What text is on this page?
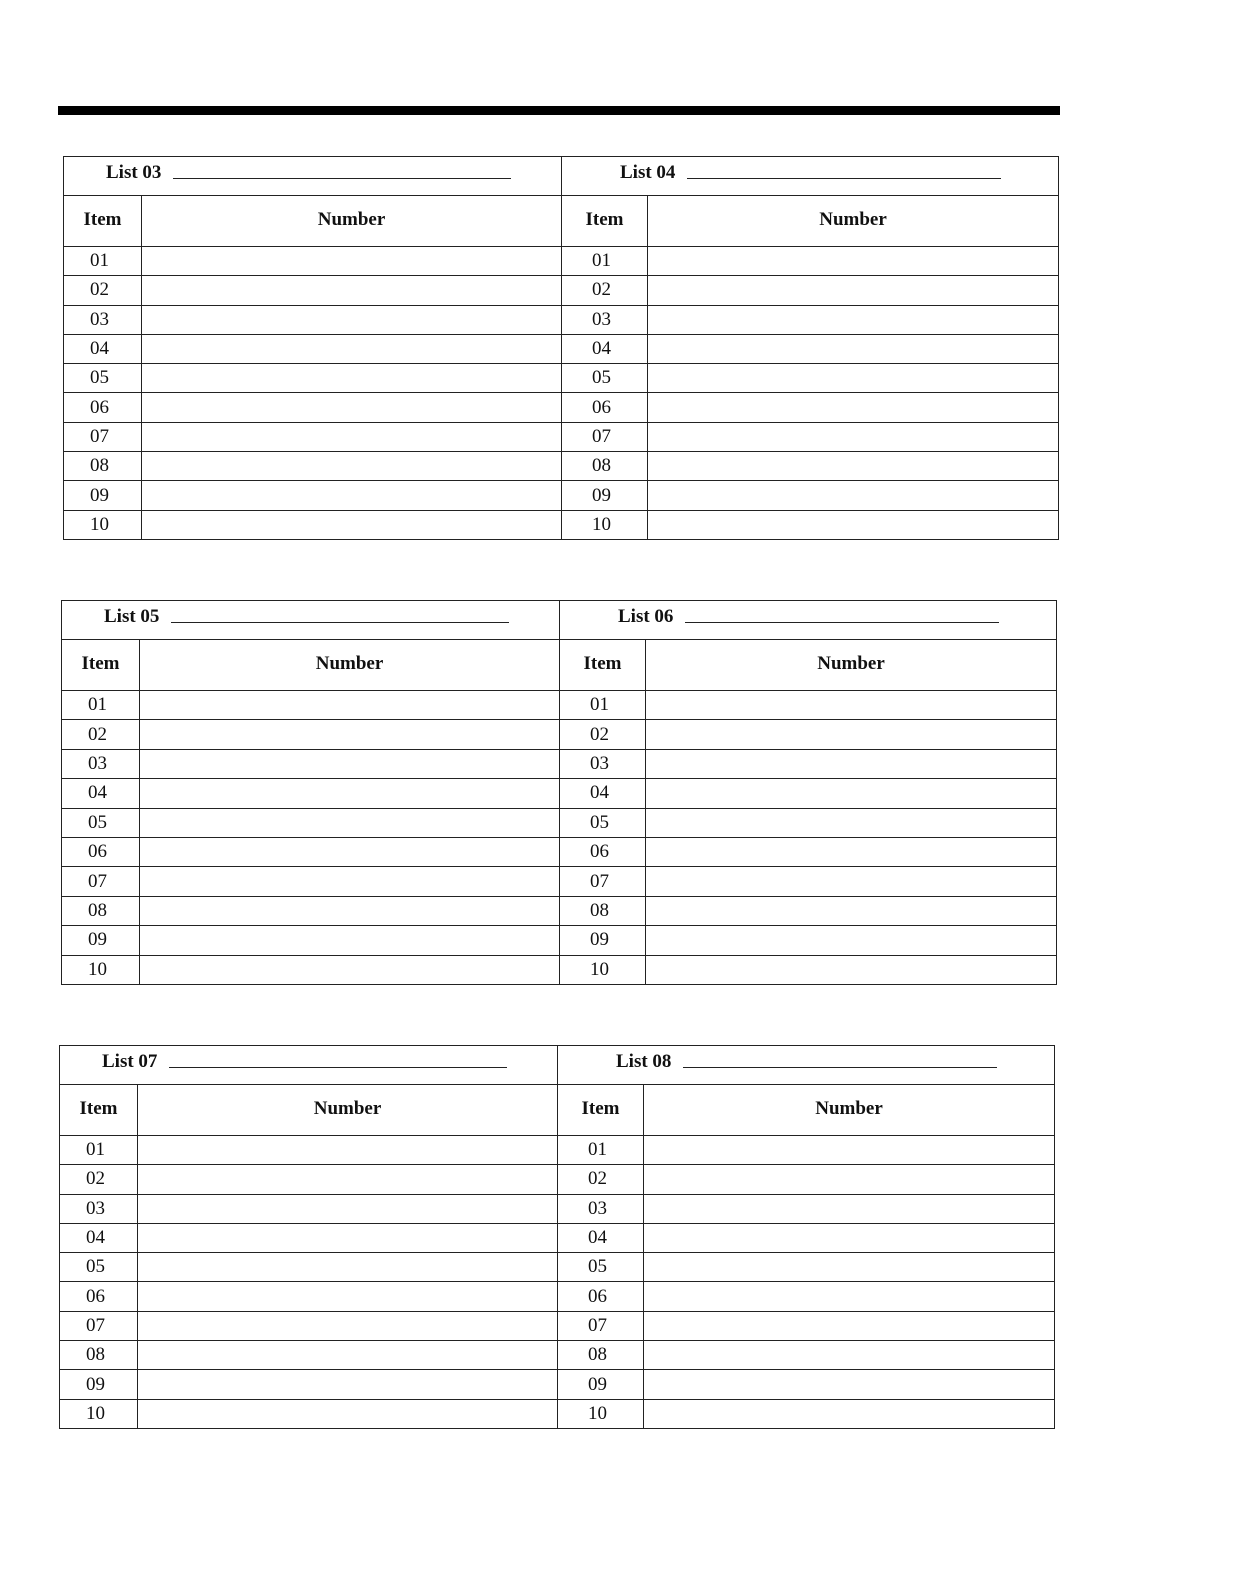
List 03
Item	Number
01
02
03
04
05
06
07
08
09
10
List 04
Item	Number
01
02
03
04
05
06
07
08
09
10
List 05
Item	Number
01
02
03
04
05
06
07
08
09
10
List 06
Item	Number
01
02
03
04
05
06
07
08
09
10
List 07
Item	Number
01
02
03
04
05
06
07
08
09
10
List 08
Item	Number
01
02
03
04
05
06
07
08
09
10
